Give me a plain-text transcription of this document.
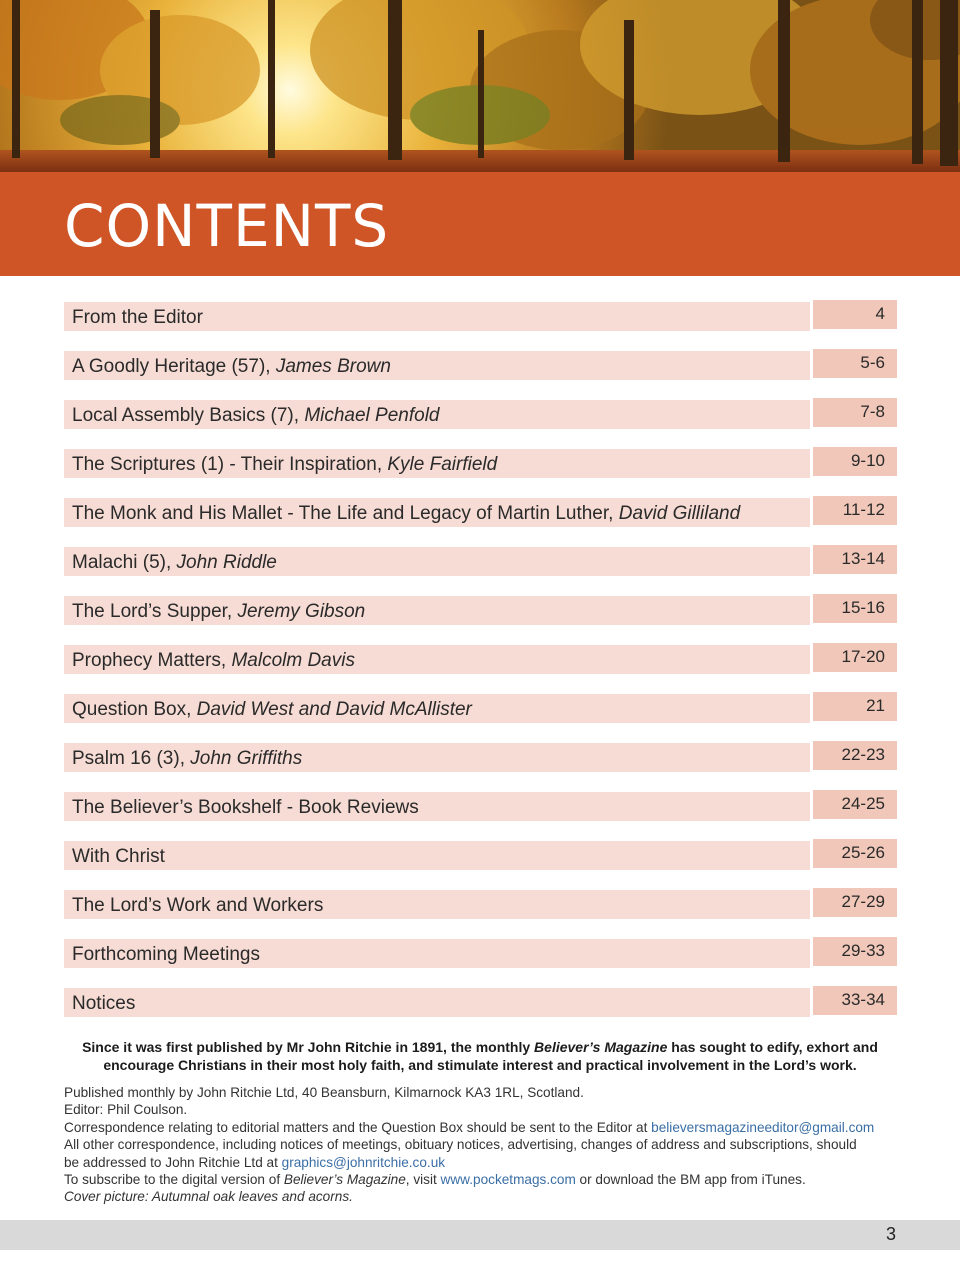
CONTENTS
From the Editor	4
A Goodly Heritage (57), James Brown	5-6
Local Assembly Basics (7), Michael Penfold	7-8
The Scriptures (1) - Their Inspiration, Kyle Fairfield	9-10
The Monk and His Mallet - The Life and Legacy of Martin Luther, David Gilliland	11-12
Malachi (5), John Riddle	13-14
The Lord’s Supper, Jeremy Gibson	15-16
Prophecy Matters, Malcolm Davis	17-20
Question Box, David West and David McAllister	21
Psalm 16 (3), John Griffiths	22-23
The Believer’s Bookshelf - Book Reviews	24-25
With Christ	25-26
The Lord’s Work and Workers	27-29
Forthcoming Meetings	29-33
Notices	33-34
Since it was first published by Mr John Ritchie in 1891, the monthly Believer’s Magazine has sought to edify, exhort and encourage Christians in their most holy faith, and stimulate interest and practical involvement in the Lord’s work.
Published monthly by John Ritchie Ltd, 40 Beansburn, Kilmarnock KA3 1RL, Scotland.
Editor: Phil Coulson.
Correspondence relating to editorial matters and the Question Box should be sent to the Editor at believersmagazineeditor@gmail.com
All other correspondence, including notices of meetings, obituary notices, advertising, changes of address and subscriptions, should
be addressed to John Ritchie Ltd at graphics@johnritchie.co.uk
To subscribe to the digital version of Believer’s Magazine, visit www.pocketmags.com or download the BM app from iTunes.
Cover picture: Autumnal oak leaves and acorns.
3
